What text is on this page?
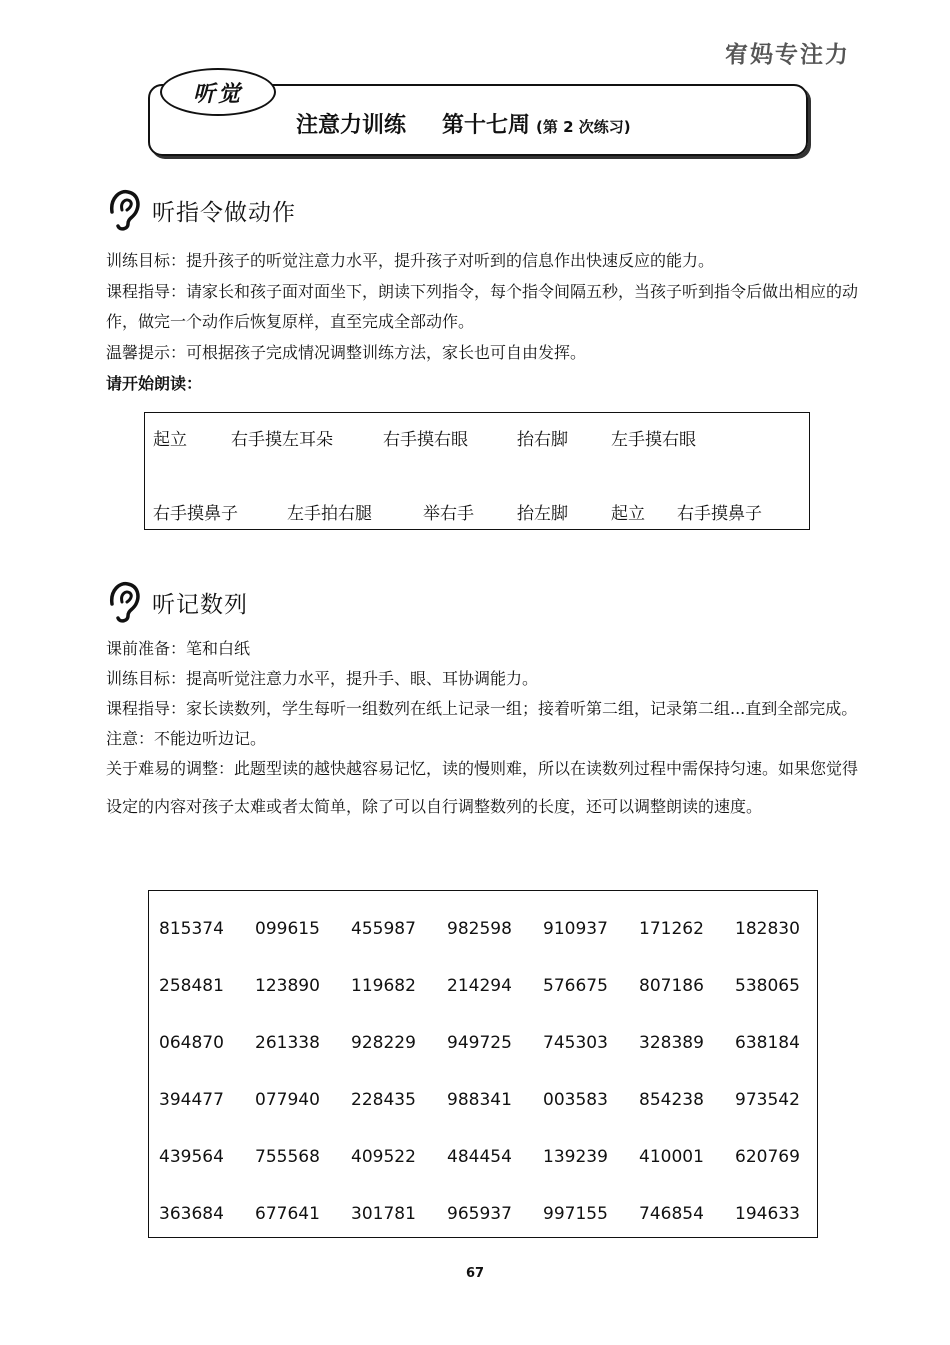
宥妈专注力
听觉
注意力训练 第十七周 (第 2 次练习)
听指令做动作

训练目标：提升孩子的听觉注意力水平，提升孩子对听到的信息作出快速反应的能力。

课程指导：请家长和孩子面对面坐下，朗读下列指令，每个指令间隔五秒，当孩子听到指令后做出相应的动作，做完一个动作后恢复原样，直至完成全部动作。

温馨提示：可根据孩子完成情况调整训练方法，家长也可自由发挥。

请开始朗读：

起立	右手摸左耳朵	右手摸右眼	抬右脚	左手摸右眼
右手摸鼻子	左手拍右腿	举右手	抬左脚	起立 右手摸鼻子
听记数列

课前准备：笔和白纸

训练目标：提高听觉注意力水平，提升手、眼、耳协调能力。

课程指导：家长读数列，学生每听一组数列在纸上记录一组；接着听第二组，记录第二组...直到全部完成。注意：不能边听边记。

关于难易的调整：此题型读的越快越容易记忆，读的慢则难，所以在读数列过程中需保持匀速。如果您觉得设定的内容对孩子太难或者太简单，除了可以自行调整数列的长度，还可以调整朗读的速度。

815374 099615 455987 982598 910937 171262 182830
258481 123890 119682 214294 576675 807186 538065
064870 261338 928229 949725 745303 328389 638184
394477 077940 228435 988341 003583 854238 973542
439564 755568 409522 484454 139239 410001 620769
363684 677641 301781 965937 997155 746854 194633
67
